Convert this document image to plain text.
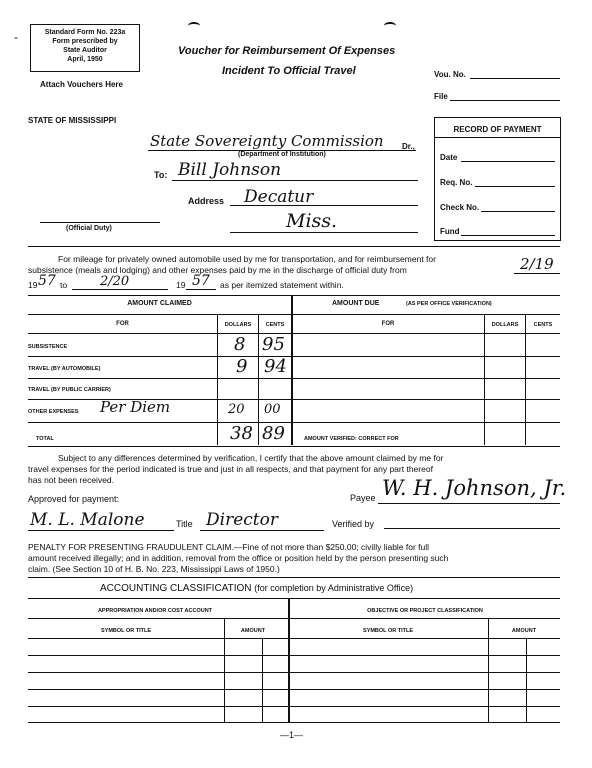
-	Standard Form No. 223a
Form prescribed by
State Auditor
April, 1950
Attach Vouchers Here
Voucher for Reimbursement Of Expenses
Incident To Official Travel	Vou. No.
File
STATE OF MISSISSIPPI
State Sovereignty Commission Dr.,
(Department of Institution)
To: Bill Johnson
Address Decatur
Miss.
(Official Duty)
RECORD OF PAYMENT
Date
Req. No.
Check No.
Fund
For mileage for privately owned automobile used by me for transportation, and for reimbursement for
subsistence (meals and lodging) and other expenses paid by me in the discharge of official duty from	2/19
19 57 to	2/20	19 57 as per itemized statement within.
AMOUNT CLAIMED	AMOUNT DUE	(AS PER OFFICE VERIFICATION)
FOR	DOLLARS	CENTS	FOR	DOLLARS	CENTS
SUBSISTENCE	8 95
TRAVEL (BY AUTOMOBILE)	9 94
TRAVEL (BY PUBLIC CARRIER)
OTHER EXPENSES Per Diem	20 00
TOTAL	38 89	AMOUNT VERIFIED: CORRECT FOR
Subject to any differences determined by verification, I certify that the above amount claimed by me for
travel expenses for the period indicated is true and just in all respects, and that payment for any part thereof
has not been received.
Approved for payment:	Payee W. H. Johnson, Jr.
M. L. Malone	Title Director	Verified by
PENALTY FOR PRESENTING FRAUDULENT CLAIM.—Fine of not more than $250.00; civilly liable for full
amount received illegally; and in addition, removal from the office or position held by the person presenting such
claim. (See Section 10 of H. B. No. 223, Mississippi Laws of 1950.)
ACCOUNTING CLASSIFICATION (for completion by Administrative Office)
APPROPRIATION AND/OR COST ACCOUNT	OBJECTIVE OR PROJECT CLASSIFICATION
SYMBOL OR TITLE	AMOUNT	SYMBOL OR TITLE	AMOUNT
—1—
